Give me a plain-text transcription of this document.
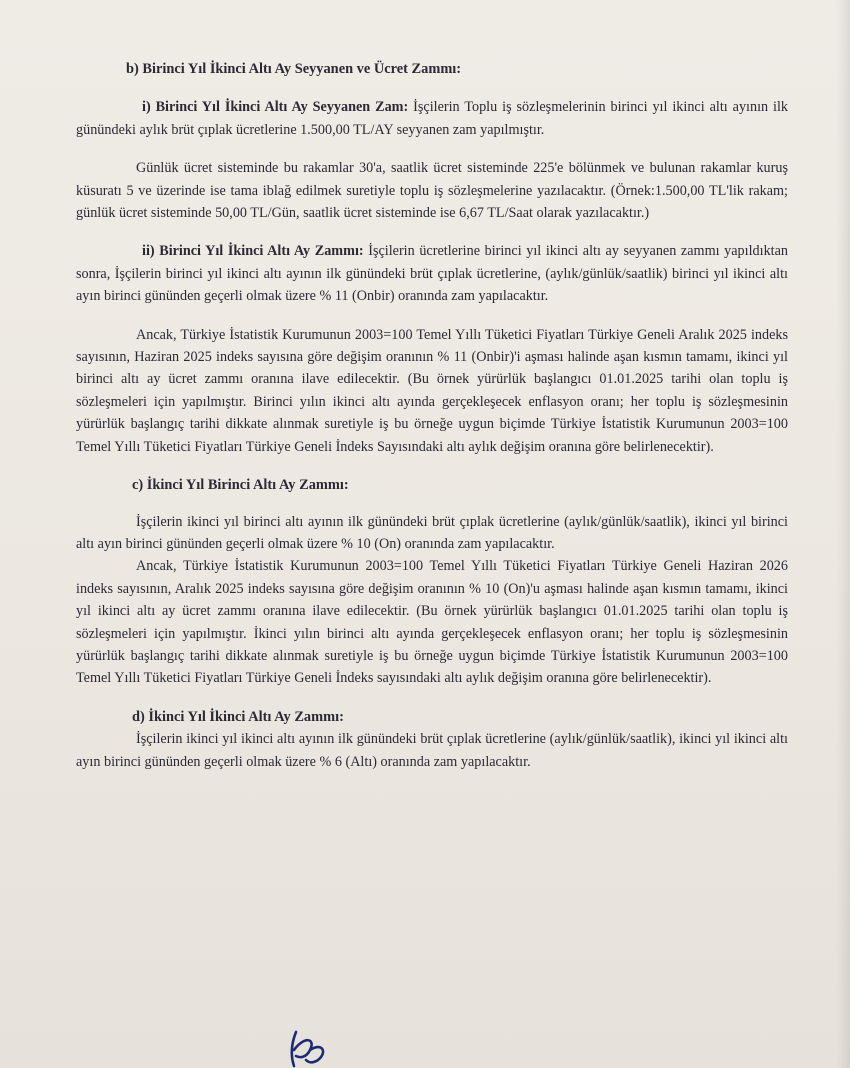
b) Birinci Yıl İkinci Altı Ay Seyyanen ve Ücret Zammı:

i) Birinci Yıl İkinci Altı Ay Seyyanen Zam: İşçilerin Toplu iş sözleşmelerinin birinci yıl ikinci altı ayının ilk günündeki aylık brüt çıplak ücretlerine 1.500,00 TL/AY seyyanen zam yapılmıştır.

Günlük ücret sisteminde bu rakamlar 30'a, saatlik ücret sisteminde 225'e bölünmek ve bulunan rakamlar kuruş küsuratı 5 ve üzerinde ise tama iblağ edilmek suretiyle toplu iş sözleşmelerine yazılacaktır. (Örnek:1.500,00 TL'lik rakam; günlük ücret sisteminde 50,00 TL/Gün, saatlik ücret sisteminde ise 6,67 TL/Saat olarak yazılacaktır.)

ii) Birinci Yıl İkinci Altı Ay Zammı: İşçilerin ücretlerine birinci yıl ikinci altı ay seyyanen zammı yapıldıktan sonra, İşçilerin birinci yıl ikinci altı ayının ilk günündeki brüt çıplak ücretlerine, (aylık/günlük/saatlik) birinci yıl ikinci altı ayın birinci gününden geçerli olmak üzere % 11 (Onbir) oranında zam yapılacaktır.

Ancak, Türkiye İstatistik Kurumunun 2003=100 Temel Yıllı Tüketici Fiyatları Türkiye Geneli Aralık 2025 indeks sayısının, Haziran 2025 indeks sayısına göre değişim oranının % 11 (Onbir)'i aşması halinde aşan kısmın tamamı, ikinci yıl birinci altı ay ücret zammı oranına ilave edilecektir. (Bu örnek yürürlük başlangıcı 01.01.2025 tarihi olan toplu iş sözleşmeleri için yapılmıştır. Birinci yılın ikinci altı ayında gerçekleşecek enflasyon oranı; her toplu iş sözleşmesinin yürürlük başlangıç tarihi dikkate alınmak suretiyle iş bu örneğe uygun biçimde Türkiye İstatistik Kurumunun 2003=100 Temel Yıllı Tüketici Fiyatları Türkiye Geneli İndeks Sayısındaki altı aylık değişim oranına göre belirlenecektir).

c) İkinci Yıl Birinci Altı Ay Zammı:

İşçilerin ikinci yıl birinci altı ayının ilk günündeki brüt çıplak ücretlerine (aylık/günlük/saatlik), ikinci yıl birinci altı ayın birinci gününden geçerli olmak üzere % 10 (On) oranında zam yapılacaktır.

Ancak, Türkiye İstatistik Kurumunun 2003=100 Temel Yıllı Tüketici Fiyatları Türkiye Geneli Haziran 2026 indeks sayısının, Aralık 2025 indeks sayısına göre değişim oranının % 10 (On)'u aşması halinde aşan kısmın tamamı, ikinci yıl ikinci altı ay ücret zammı oranına ilave edilecektir. (Bu örnek yürürlük başlangıcı 01.01.2025 tarihi olan toplu iş sözleşmeleri için yapılmıştır. İkinci yılın birinci altı ayında gerçekleşecek enflasyon oranı; her toplu iş sözleşmesinin yürürlük başlangıç tarihi dikkate alınmak suretiyle iş bu örneğe uygun biçimde Türkiye İstatistik Kurumunun 2003=100 Temel Yıllı Tüketici Fiyatları Türkiye Geneli İndeks sayısındaki altı aylık değişim oranına göre belirlenecektir).

d) İkinci Yıl İkinci Altı Ay Zammı:

İşçilerin ikinci yıl ikinci altı ayının ilk günündeki brüt çıplak ücretlerine (aylık/günlük/saatlik), ikinci yıl ikinci altı ayın birinci gününden geçerli olmak üzere % 6 (Altı) oranında zam yapılacaktır.
